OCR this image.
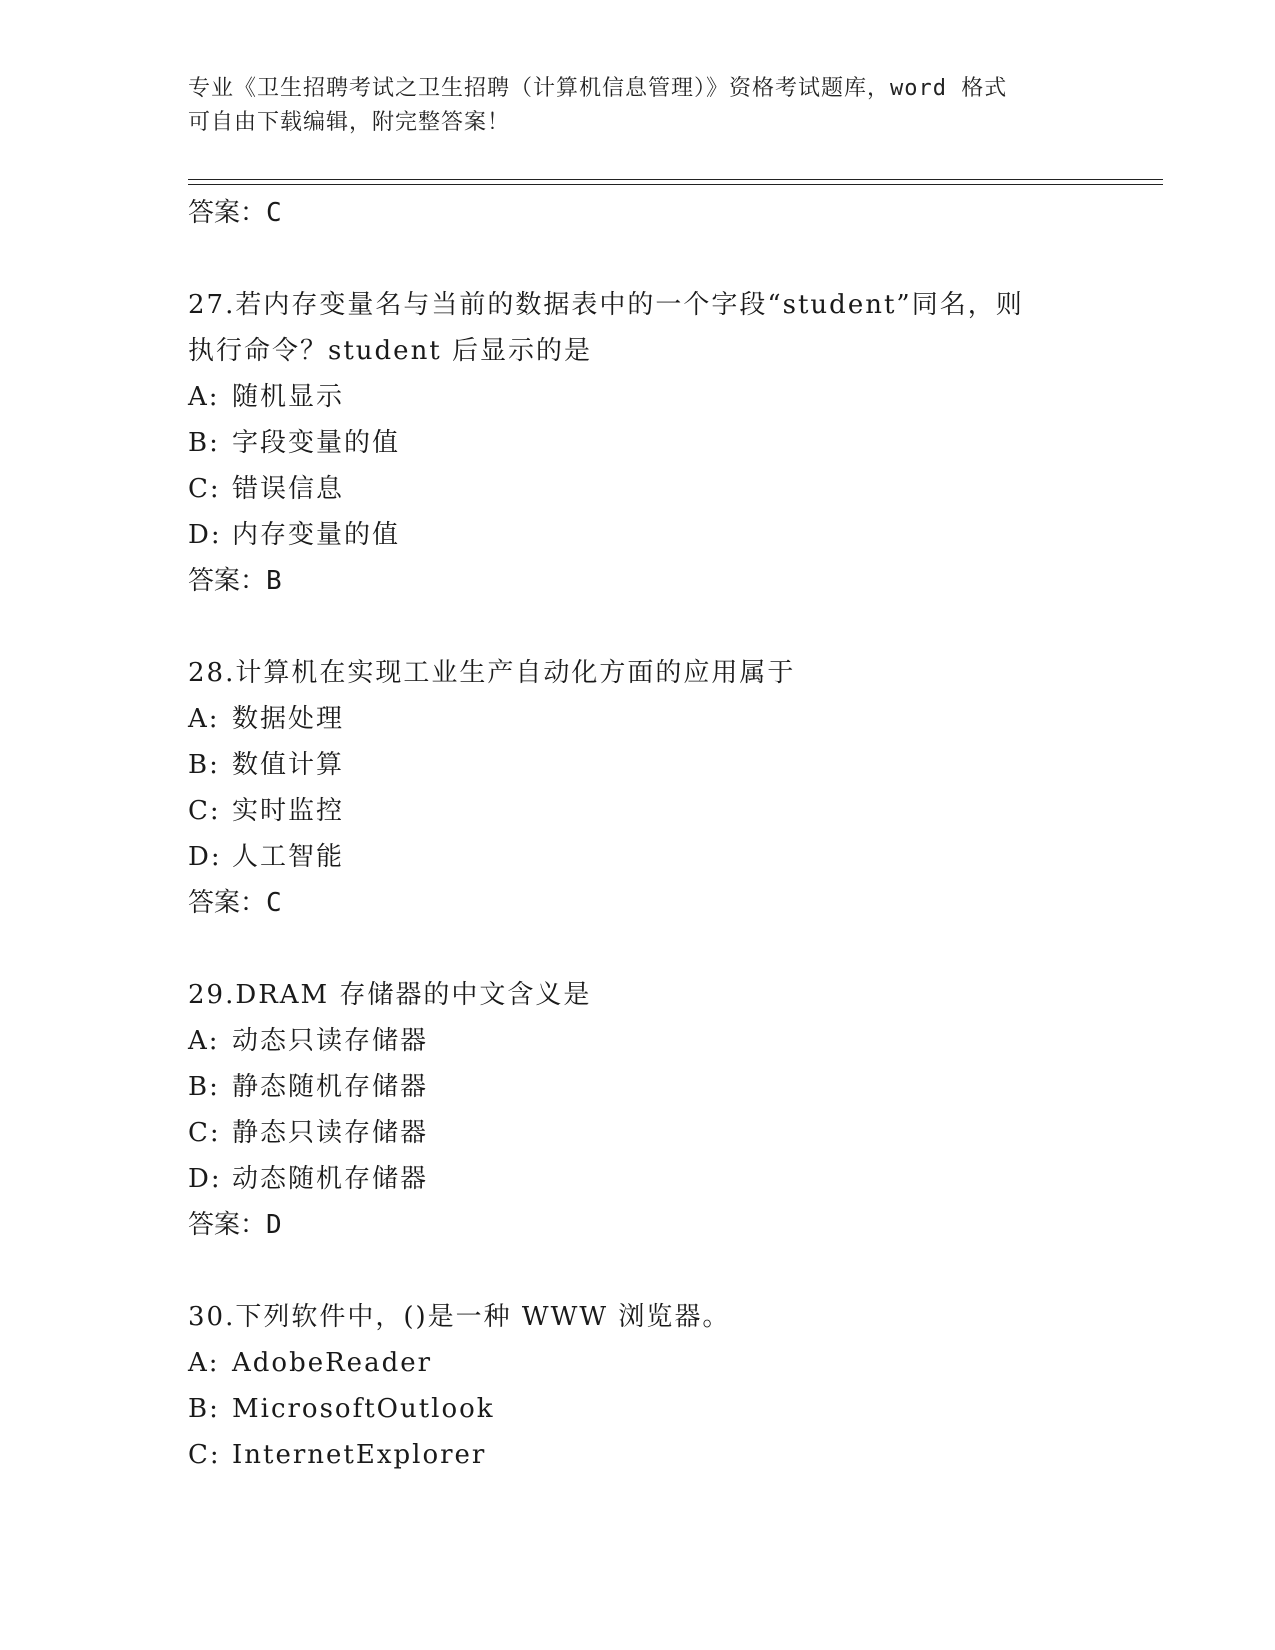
专业《卫生招聘考试之卫生招聘（计算机信息管理）》资格考试题库，word 格式
可自由下载编辑，附完整答案！
答案：C
27.若内存变量名与当前的数据表中的一个字段“student”同名，则
执行命令？student 后显示的是
A: 随机显示
B: 字段变量的值
C: 错误信息
D: 内存变量的值
答案：B
28.计算机在实现工业生产自动化方面的应用属于
A: 数据处理
B: 数值计算
C: 实时监控
D: 人工智能
答案：C
29.DRAM 存储器的中文含义是
A: 动态只读存储器
B: 静态随机存储器
C: 静态只读存储器
D: 动态随机存储器
答案：D
30.下列软件中，()是一种 WWW 浏览器。
A: AdobeReader
B: MicrosoftOutlook
C: InternetExplorer
